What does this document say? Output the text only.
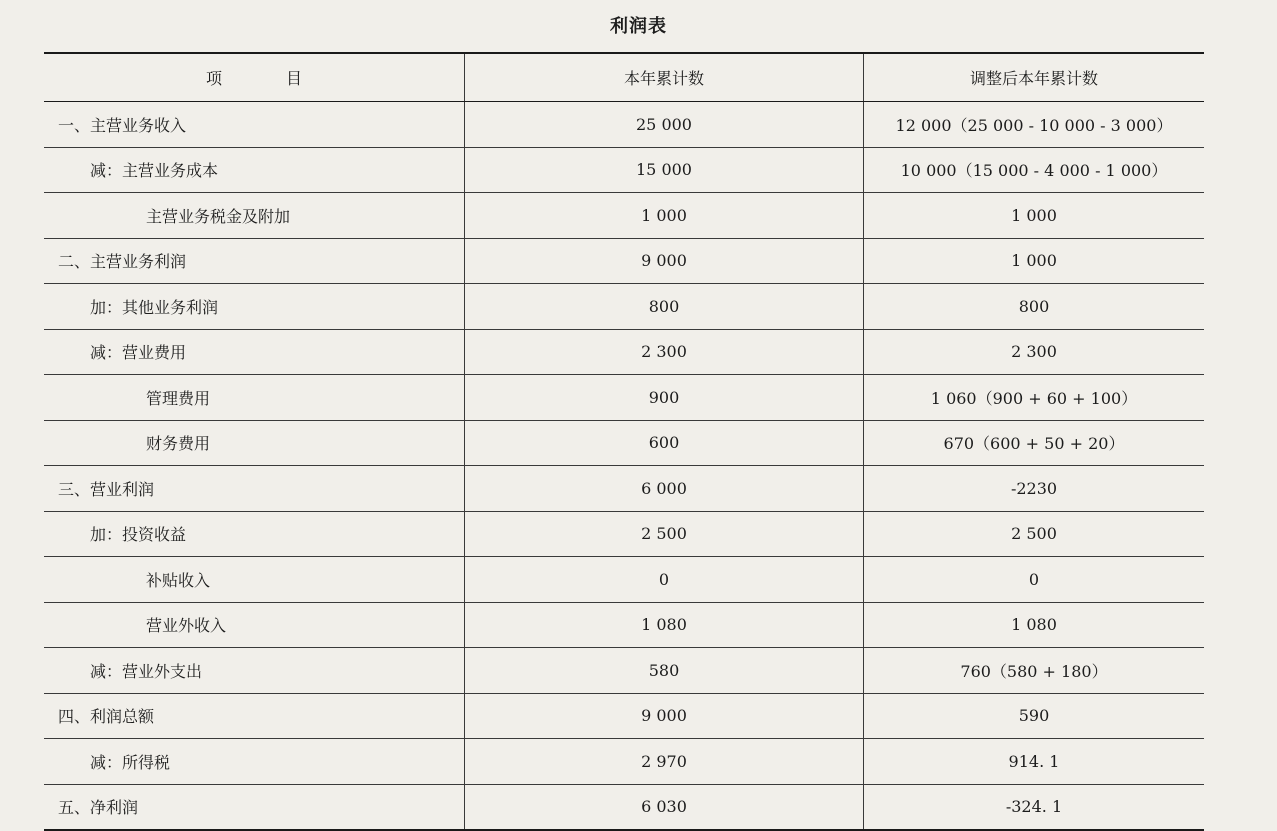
利润表
项　目	本年累计数	调整后本年累计数
一、主营业务收入	25 000	12 000（25 000 - 10 000 - 3 000）
减：主营业务成本	15 000	10 000（15 000 - 4 000 - 1 000）
主营业务税金及附加	1 000	1 000
二、主营业务利润	9 000	1 000
加：其他业务利润	800	800
减：营业费用	2 300	2 300
管理费用	900	1 060（900 + 60 + 100）
财务费用	600	670（600 + 50 + 20）
三、营业利润	6 000	-2230
加：投资收益	2 500	2 500
补贴收入	0	0
营业外收入	1 080	1 080
减：营业外支出	580	760（580 + 180）
四、利润总额	9 000	590
减：所得税	2 970	914. 1
五、净利润	6 030	-324. 1
